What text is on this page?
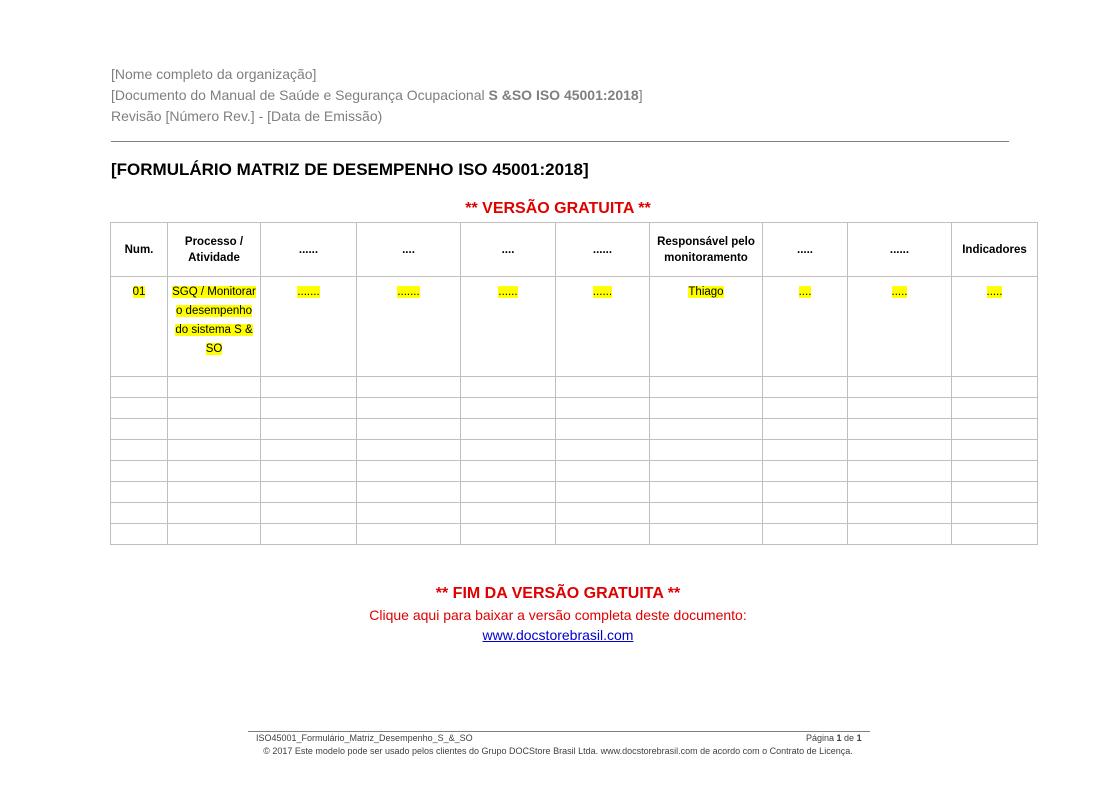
[Nome completo da organização]
[Documento do Manual de Saúde e Segurança Ocupacional S &SO ISO 45001:2018]
Revisão [Número Rev.] - [Data de Emissão)
[FORMULÁRIO MATRIZ DE DESEMPENHO ISO 45001:2018]
** VERSÃO GRATUITA **
Num.	Processo / Atividade	......	....	....	......	Responsável pelo monitoramento	.....	......	Indicadores
01	SGQ / Monitorar o desempenho do sistema S & SO	.......	.......	......	......	Thiago	....	.....	.....

** FIM DA VERSÃO GRATUITA **
Clique aqui para baixar a versão completa deste documento:
www.docstorebrasil.com
ISO45001_Formulário_Matriz_Desempenho_S_&_SO	Página 1 de 1
© 2017 Este modelo pode ser usado pelos clientes do Grupo DOCStore Brasil Ltda. www.docstorebrasil.com de acordo com o Contrato de Licença.
